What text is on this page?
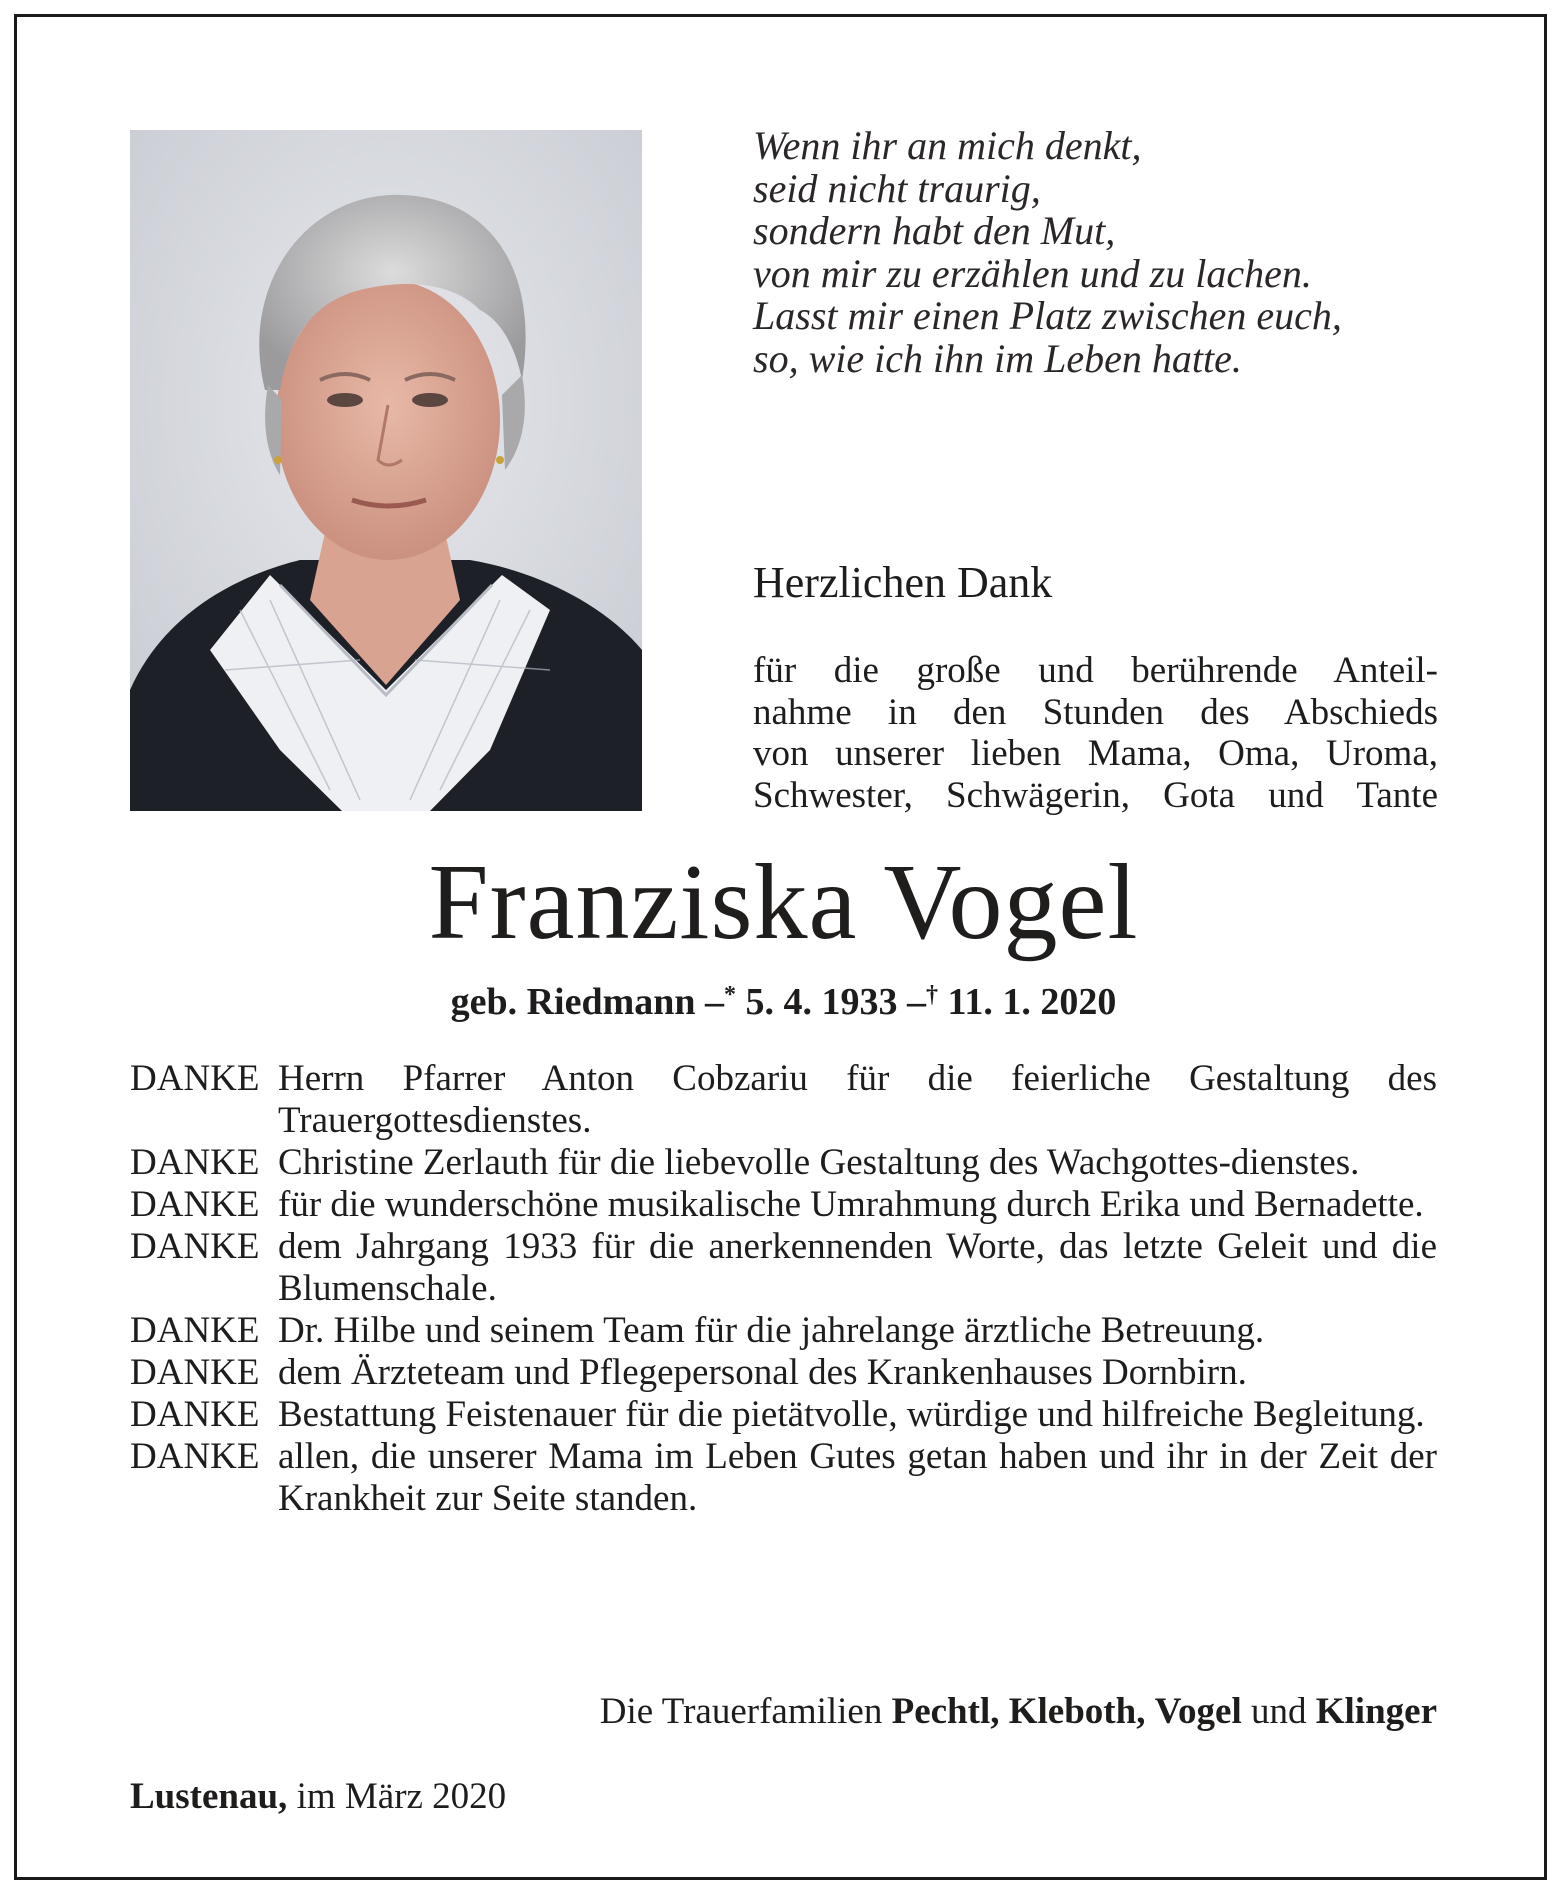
Wenn ihr an mich denkt,
seid nicht traurig,
sondern habt den Mut,
von mir zu erzählen und zu lachen.
Lasst mir einen Platz zwischen euch,
so, wie ich ihn im Leben hatte.
Herzlichen Dank
für die große und berührende Anteil-
nahme in den Stunden des Abschieds
von unserer lieben Mama, Oma, Uroma,
Schwester, Schwägerin, Gota und Tante
Franziska Vogel
geb. Riedmann –* 5. 4. 1933 –† 11. 1. 2020
DANKE Herrn Pfarrer Anton Cobzariu für die feierliche Gestaltung des Trauergottesdienstes.
DANKE Christine Zerlauth für die liebevolle Gestaltung des Wachgottes-dienstes.
DANKE für die wunderschöne musikalische Umrahmung durch Erika und Bernadette.
DANKE dem Jahrgang 1933 für die anerkennenden Worte, das letzte Geleit und die Blumenschale.
DANKE Dr. Hilbe und seinem Team für die jahrelange ärztliche Betreuung.
DANKE dem Ärzteteam und Pflegepersonal des Krankenhauses Dornbirn.
DANKE Bestattung Feistenauer für die pietätvolle, würdige und hilfreiche Begleitung.
DANKE allen, die unserer Mama im Leben Gutes getan haben und ihr in der Zeit der Krankheit zur Seite standen.
Die Trauerfamilien Pechtl, Kleboth, Vogel und Klinger
Lustenau, im März 2020
